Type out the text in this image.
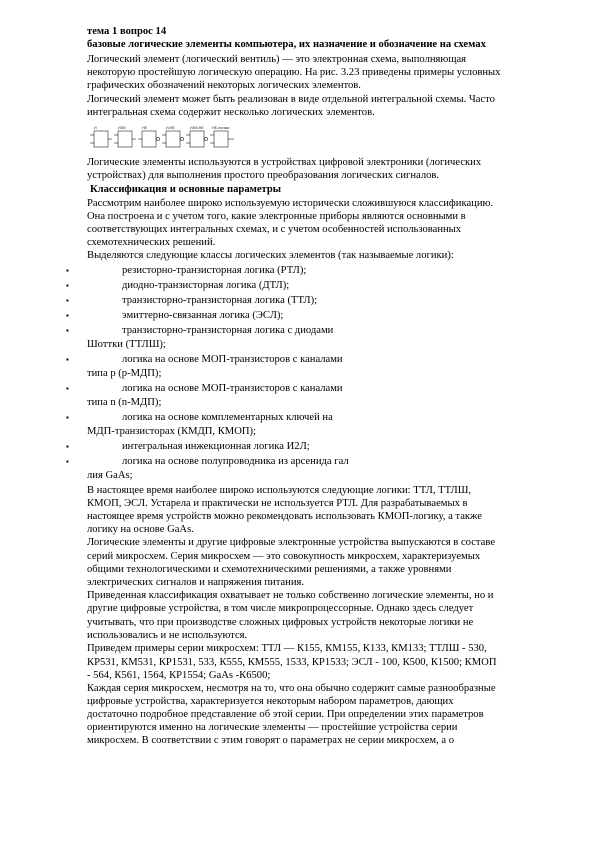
тема 1 вопрос 14
базовые логические элементы компьютера, их назначение и обозначение на схемах
Логический элемент (логический вентиль) — это электронная схема, выполняющая
некоторую простейшую логическую операцию. На рис. 3.23 приведены примеры условных
графических обозначений некоторых логических элементов.
Логический элемент может быть реализован в виде отдельной интегральной схемы. Часто
интегральная схема содержит несколько логических элементов.
И	ИЛИ	НЕ	И-НЕ	ИЛИ-НЕ НЕ-логика
Логические элементы используются в устройствах цифровой электроники (логических
устройствах) для выполнения простого преобразования логических сигналов.
Классификация и основные параметры
Рассмотрим наиболее широко используемую исторически сложившуюся классификацию.
Она построена и с учетом того, какие электронные приборы являются основными в
соответствующих интегральных схемах, и с учетом особенностей использованных
схемотехнических решений.
Выделяются следующие классы логических элементов (так называемые логики):
▪	резисторно-транзисторная логика (РТЛ);
▪	диодно-транзисторная логика (ДТЛ);
▪	транзисторно-транзисторная логика (ТТЛ);
▪	эмиттерно-связанная логика (ЭСЛ);
▪	транзисторно-транзисторная логика с диодами
Шоттки (ТТЛШ);
▪	логика на основе МОП-транзисторов с каналами
типа р (р-МДП);
▪	логика на основе МОП-транзисторов с каналами
типа n (n-МДП);
▪	логика на основе комплементарных ключей на
МДП-транзисторах (КМДП, КМОП);
▪	интегральная инжекционная логика И2Л;
▪	логика на основе полупроводника из арсенида гал
лия GaAs;
В настоящее время наиболее широко используются следующие логики: ТТЛ, ТТЛШ,
КМОП, ЭСЛ. Устарела и практически не используется РТЛ. Для разрабатываемых в
настоящее время устройств можно рекомендовать использовать КМОП-логику, а также
логику на основе GaAs.
Логические элементы и другие цифровые электронные устройства выпускаются в составе
серий микросхем. Серия микросхем — это совокупность микросхем, характеризуемых
общими технологическими и схемотехническими решениями, а также уровнями
электрических сигналов и напряжения питания.
Приведенная классификация охватывает не только собственно логические элементы, но и
другие цифровые устройства, в том числе микропроцессорные. Однако здесь следует
учитывать, что при производстве сложных цифровых устройств некоторые логики не
использовались и не используются.
Приведем примеры серии микросхем: ТТЛ — К155, КМ155, К133, КМ133; ТТЛШ - 530,
КР531, КМ531, КР1531, 533, К555, КМ555, 1533, КР1533; ЭСЛ - 100, К500, К1500; КМОП
- 564, К561, 1564, КР1554; GaAs -К6500;
Каждая серия микросхем, несмотря на то, что она обычно содержит самые разнообразные
цифровые устройства, характеризуется некоторым набором параметров, дающих
достаточно подробное представление об этой серии. При определении этих параметров
ориентируются именно на логические элементы — простейшие устройства серии
микросхем. В соответствии с этим говорят о параметрах не серии микросхем, а о
